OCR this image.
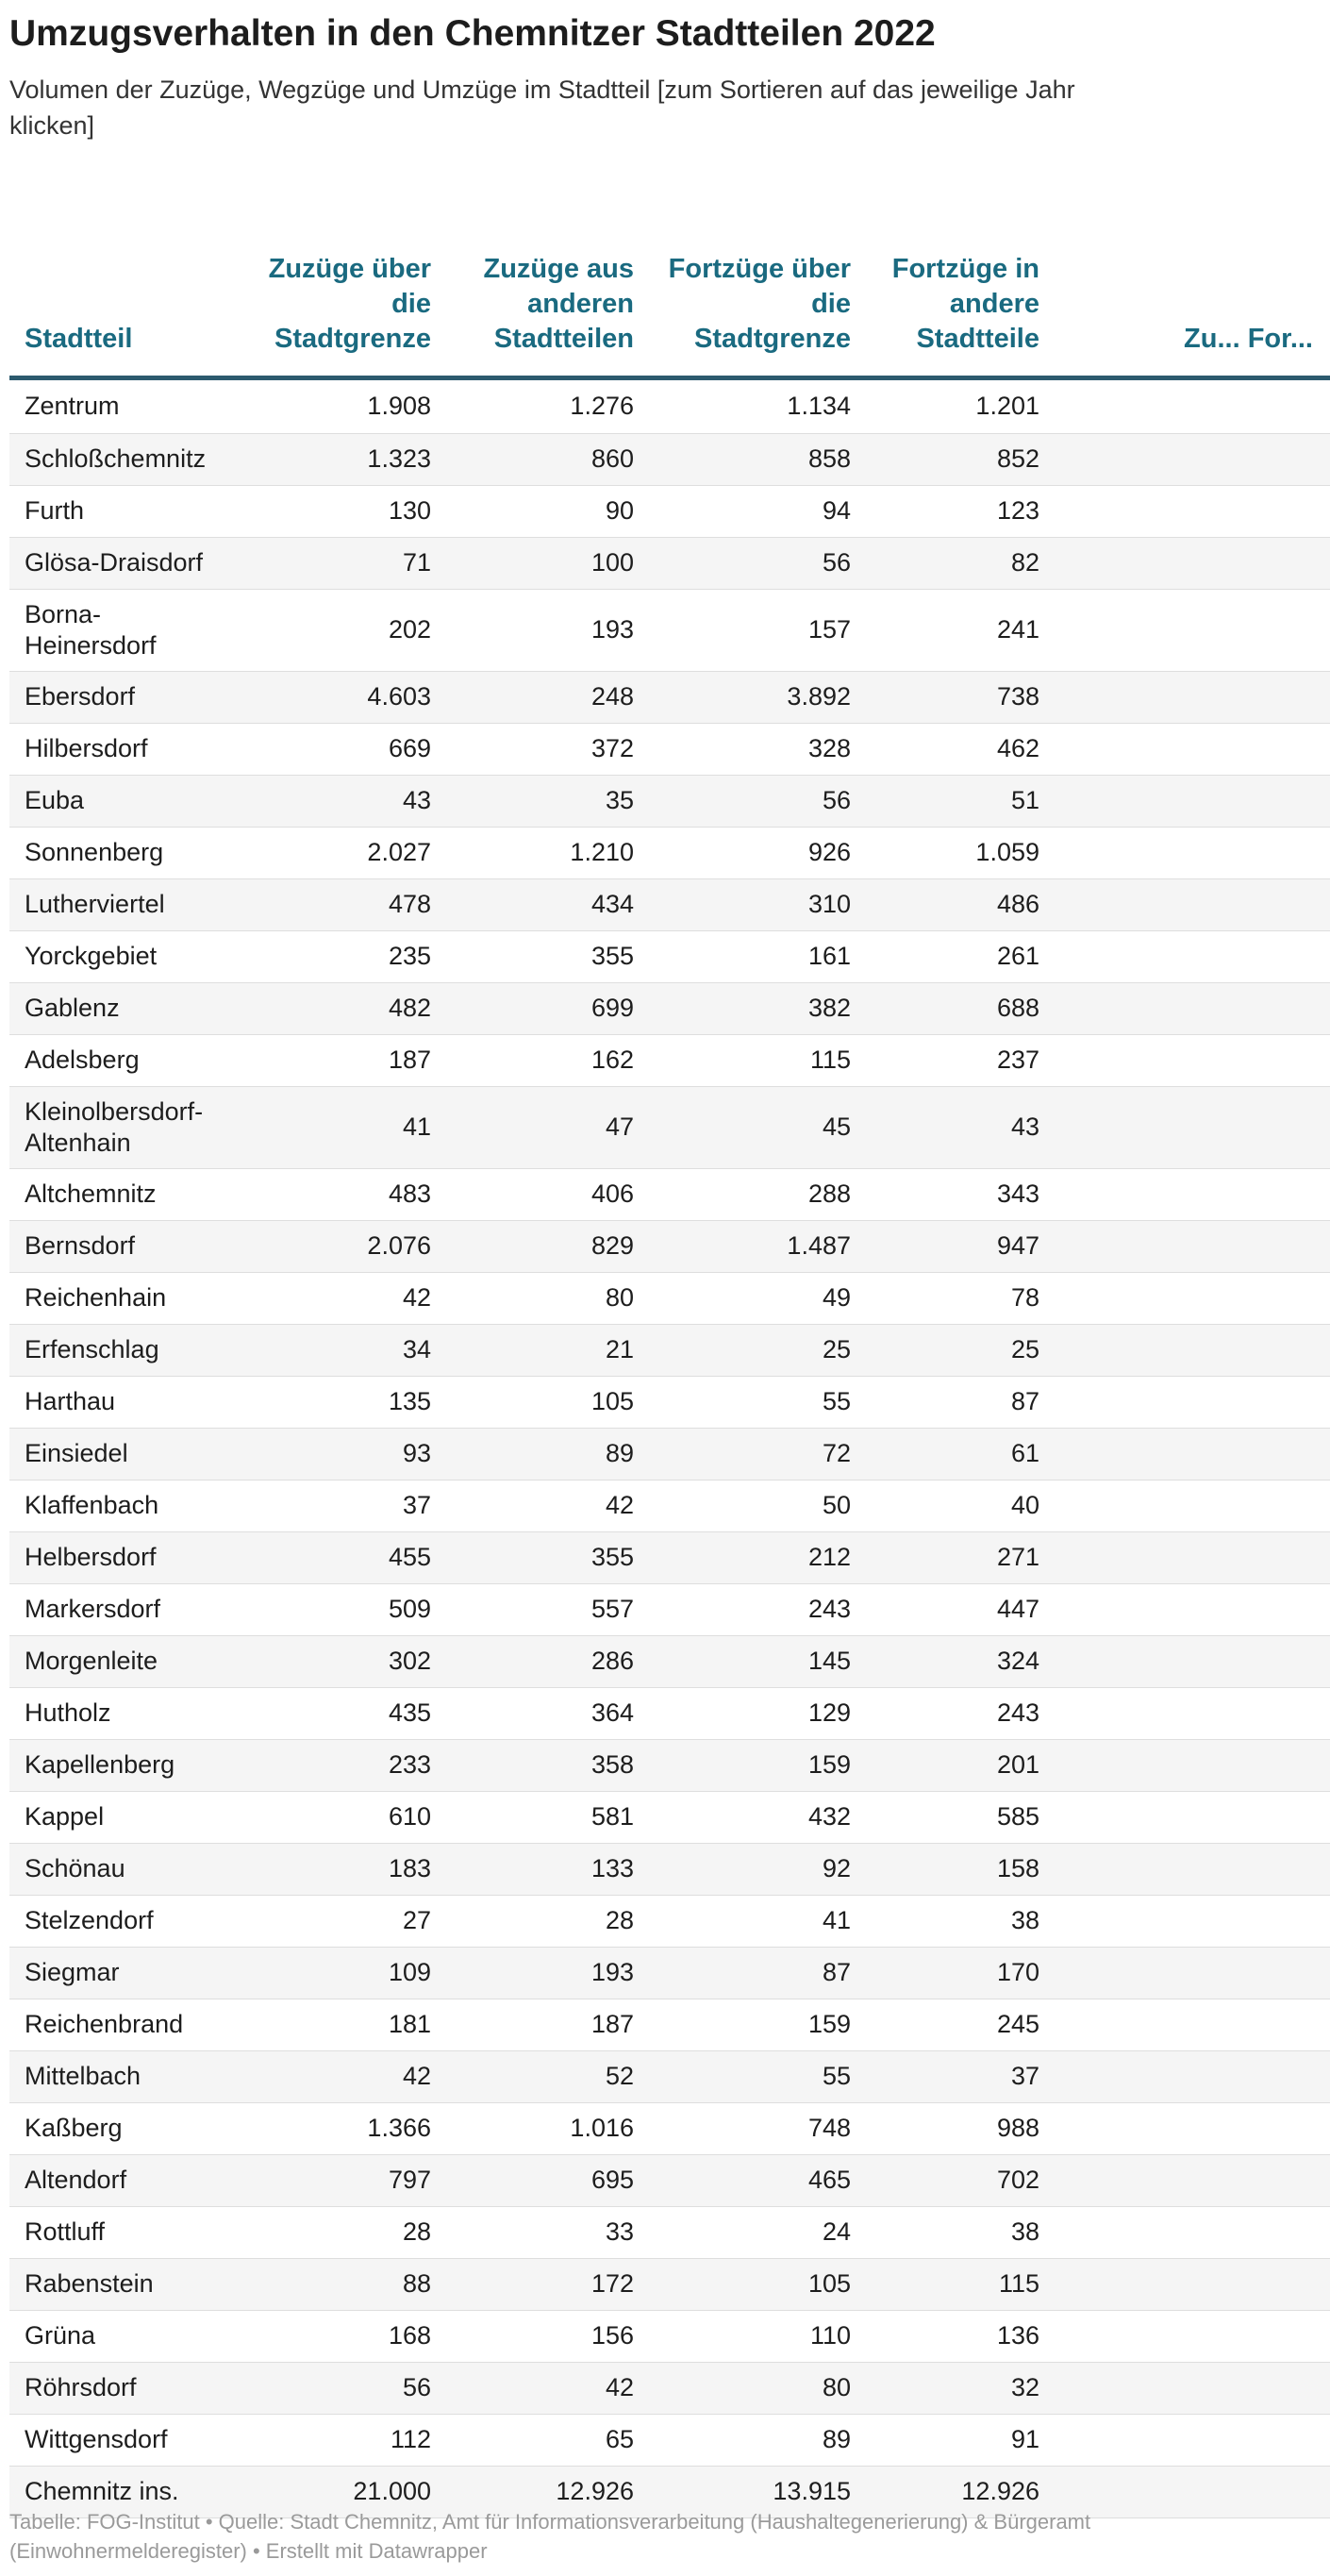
Umzugsverhalten in den Chemnitzer Stadtteilen 2022

Volumen der Zuzüge, Wegzüge und Umzüge im Stadtteil [zum Sortieren auf das jeweilige Jahr klicken]

Stadtteil	Zuzüge über die Stadtgrenze	Zuzüge aus anderen Stadtteilen	Fortzüge über die Stadtgrenze	Fortzüge in andere Stadtteile	Zu... For...
Zentrum	1.908	1.276	1.134	1.201	
Schloßchemnitz	1.323	860	858	852	
Furth	130	90	94	123	
Glösa-Draisdorf	71	100	56	82	
Borna-Heinersdorf	202	193	157	241	
Ebersdorf	4.603	248	3.892	738	
Hilbersdorf	669	372	328	462	
Euba	43	35	56	51	
Sonnenberg	2.027	1.210	926	1.059	
Lutherviertel	478	434	310	486	
Yorckgebiet	235	355	161	261	
Gablenz	482	699	382	688	
Adelsberg	187	162	115	237	
Kleinolbersdorf-Altenhain	41	47	45	43	
Altchemnitz	483	406	288	343	
Bernsdorf	2.076	829	1.487	947	
Reichenhain	42	80	49	78	
Erfenschlag	34	21	25	25	
Harthau	135	105	55	87	
Einsiedel	93	89	72	61	
Klaffenbach	37	42	50	40	
Helbersdorf	455	355	212	271	
Markersdorf	509	557	243	447	
Morgenleite	302	286	145	324	
Hutholz	435	364	129	243	
Kapellenberg	233	358	159	201	
Kappel	610	581	432	585	
Schönau	183	133	92	158	
Stelzendorf	27	28	41	38	
Siegmar	109	193	87	170	
Reichenbrand	181	187	159	245	
Mittelbach	42	52	55	37	
Kaßberg	1.366	1.016	748	988	
Altendorf	797	695	465	702	
Rottluff	28	33	24	38	
Rabenstein	88	172	105	115	
Grüna	168	156	110	136	
Röhrsdorf	56	42	80	32	
Wittgensdorf	112	65	89	91	
Chemnitz ins.	21.000	12.926	13.915	12.926	

Tabelle: FOG-Institut • Quelle: Stadt Chemnitz, Amt für Informationsverarbeitung (Haushaltegenerierung) & Bürgeramt (Einwohnermelderegister) • Erstellt mit Datawrapper
